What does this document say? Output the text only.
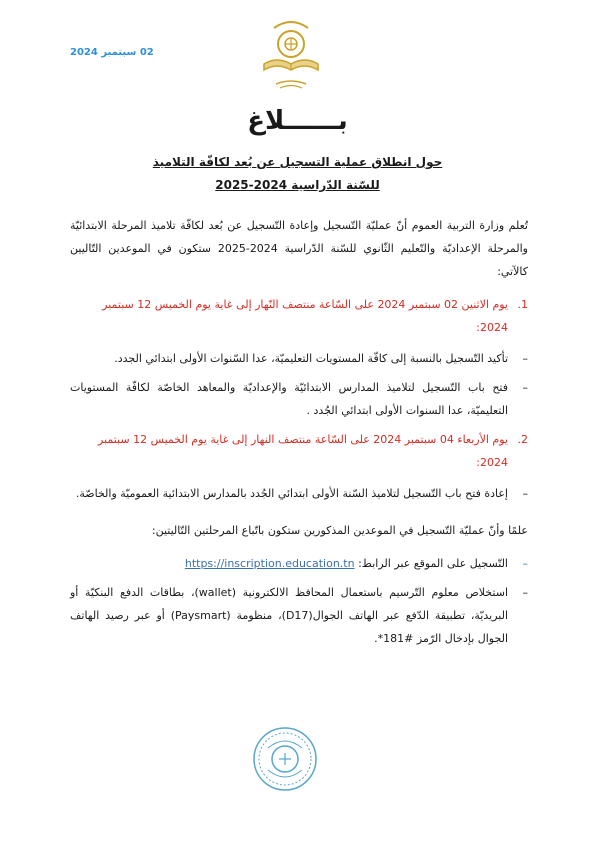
02 سبتمبر 2024
بــــــلاغ
حول انطلاق عملية التسجيل عن بُعد لكافّة التلاميذ
للسّنة الدّراسية 2024-2025

تُعلم وزارة التربية العموم أنّ عمليّة التّسجيل وإعادة التّسجيل عن بُعد لكافّة تلاميذ المرحلة الابتدائيّة والمرحلة الإعداديّة والتّعليم الثّانوي للسّنة الدّراسية 2024-2025 ستكون في الموعدين التّاليين كالآتي:

1.
يوم الاثنين 02 سبتمبر 2024 على السّاعة منتصف النّهار إلى غاية يوم الخميس 12 سبتمبر 2024:
–
تأكيد التّسجيل بالنسبة إلى كافّة المستويات التعليميّة، عدا السّنوات الأولى ابتدائي الجدد.
–
فتح باب التّسجيل لتلاميذ المدارس الابتدائيّة والإعداديّة والمعاهد الخاصّة لكافّة المستويات التعليميّة، عدا السنوات الأولى ابتدائي الجُدد .
2.
يوم الأربعاء 04 سبتمبر 2024 على السّاعة منتصف النهار إلى غاية يوم الخميس 12 سبتمبر 2024:
–
إعادة فتح باب التّسجيل لتلاميذ السّنة الأولى ابتدائي الجُدد بالمدارس الابتدائية العموميّة والخاصّة.

علمًا وأنّ عمليّة التّسجيل في الموعدين المذكورين ستكون باتّباع المرحلتين التّاليتين:

–
التّسجيل على الموقع عبر الرابط: https://inscription.education.tn
–
استخلاص معلوم التّرسيم باستعمال المحافظ الالكترونية (wallet)، بطاقات الدفع البنكيّة أو البريديّة، تطبيقة الدّفع عبر الهاتف الجوال(D17)، منظومة (Paysmart) أو عبر رصيد الهاتف الجوال بإدخال الرّمز #181*.
